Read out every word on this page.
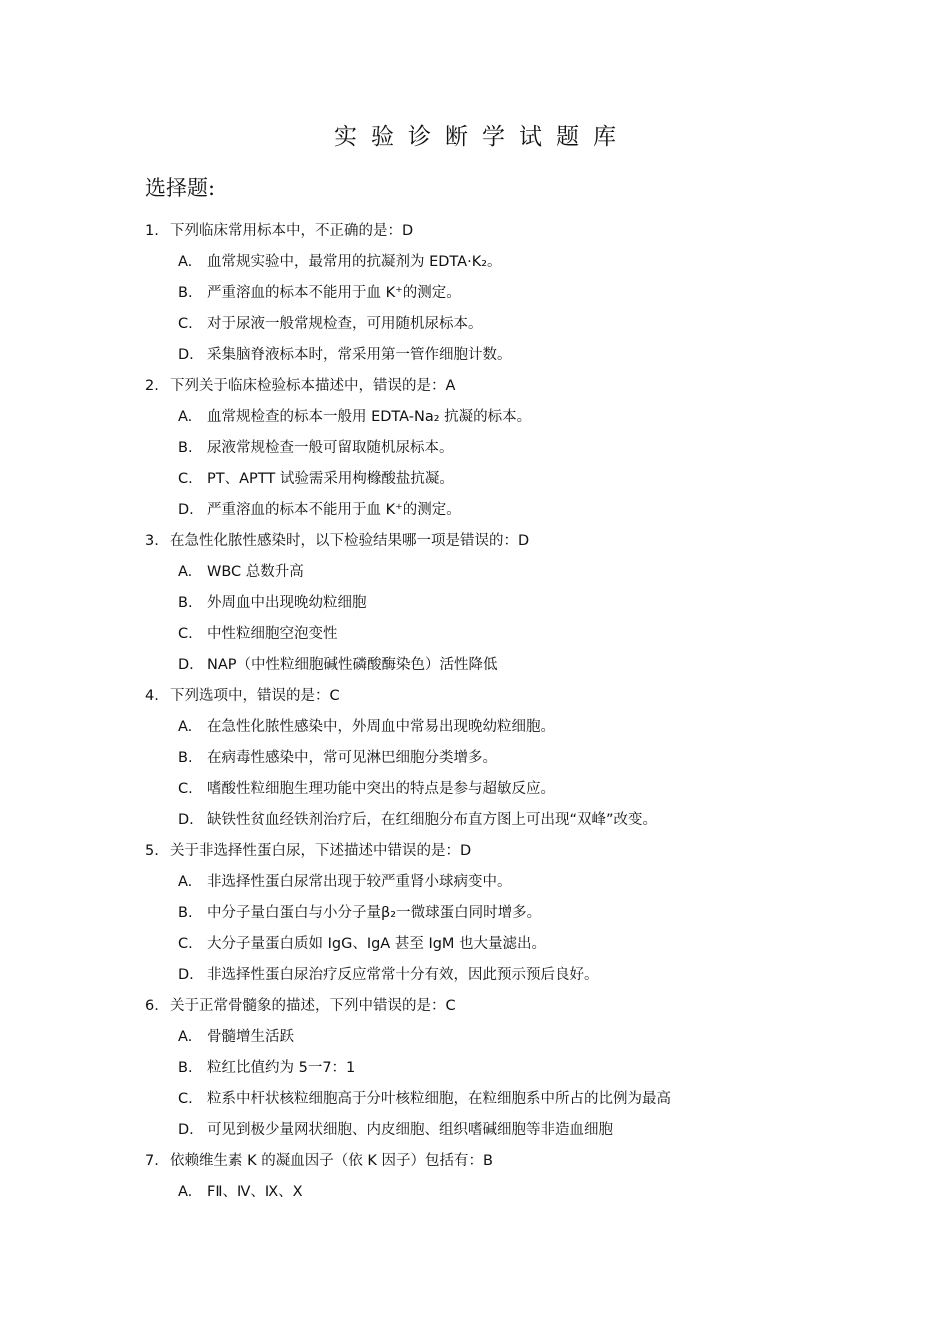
实验诊断学试题库
选择题:
1. 下列临床常用标本中，不正确的是：D
A. 血常规实验中，最常用的抗凝剂为 EDTA·K₂。
B. 严重溶血的标本不能用于血 K⁺的测定。
C. 对于尿液一般常规检查，可用随机尿标本。
D. 采集脑脊液标本时，常采用第一管作细胞计数。
2. 下列关于临床检验标本描述中，错误的是：A
A. 血常规检查的标本一般用 EDTA-Na₂ 抗凝的标本。
B. 尿液常规检查一般可留取随机尿标本。
C. PT、APTT 试验需采用枸橼酸盐抗凝。
D. 严重溶血的标本不能用于血 K⁺的测定。
3. 在急性化脓性感染时，以下检验结果哪一项是错误的：D
A. WBC 总数升高
B. 外周血中出现晚幼粒细胞
C. 中性粒细胞空泡变性
D. NAP（中性粒细胞碱性磷酸酶染色）活性降低
4. 下列选项中，错误的是：C
A. 在急性化脓性感染中，外周血中常易出现晚幼粒细胞。
B. 在病毒性感染中，常可见淋巴细胞分类增多。
C. 嗜酸性粒细胞生理功能中突出的特点是参与超敏反应。
D. 缺铁性贫血经铁剂治疗后，在红细胞分布直方图上可出现“双峰”改变。
5. 关于非选择性蛋白尿，下述描述中错误的是：D
A. 非选择性蛋白尿常出现于较严重肾小球病变中。
B. 中分子量白蛋白与小分子量β₂一微球蛋白同时增多。
C. 大分子量蛋白质如 IgG、IgA 甚至 IgM 也大量滤出。
D. 非选择性蛋白尿治疗反应常常十分有效，因此预示预后良好。
6. 关于正常骨髓象的描述，下列中错误的是：C
A. 骨髓增生活跃
B. 粒红比值约为 5一7：1
C. 粒系中杆状核粒细胞高于分叶核粒细胞，在粒细胞系中所占的比例为最高
D. 可见到极少量网状细胞、内皮细胞、组织嗜碱细胞等非造血细胞
7. 依赖维生素 K 的凝血因子（依 K 因子）包括有：B
A. FⅡ、Ⅳ、Ⅸ、Ⅹ
